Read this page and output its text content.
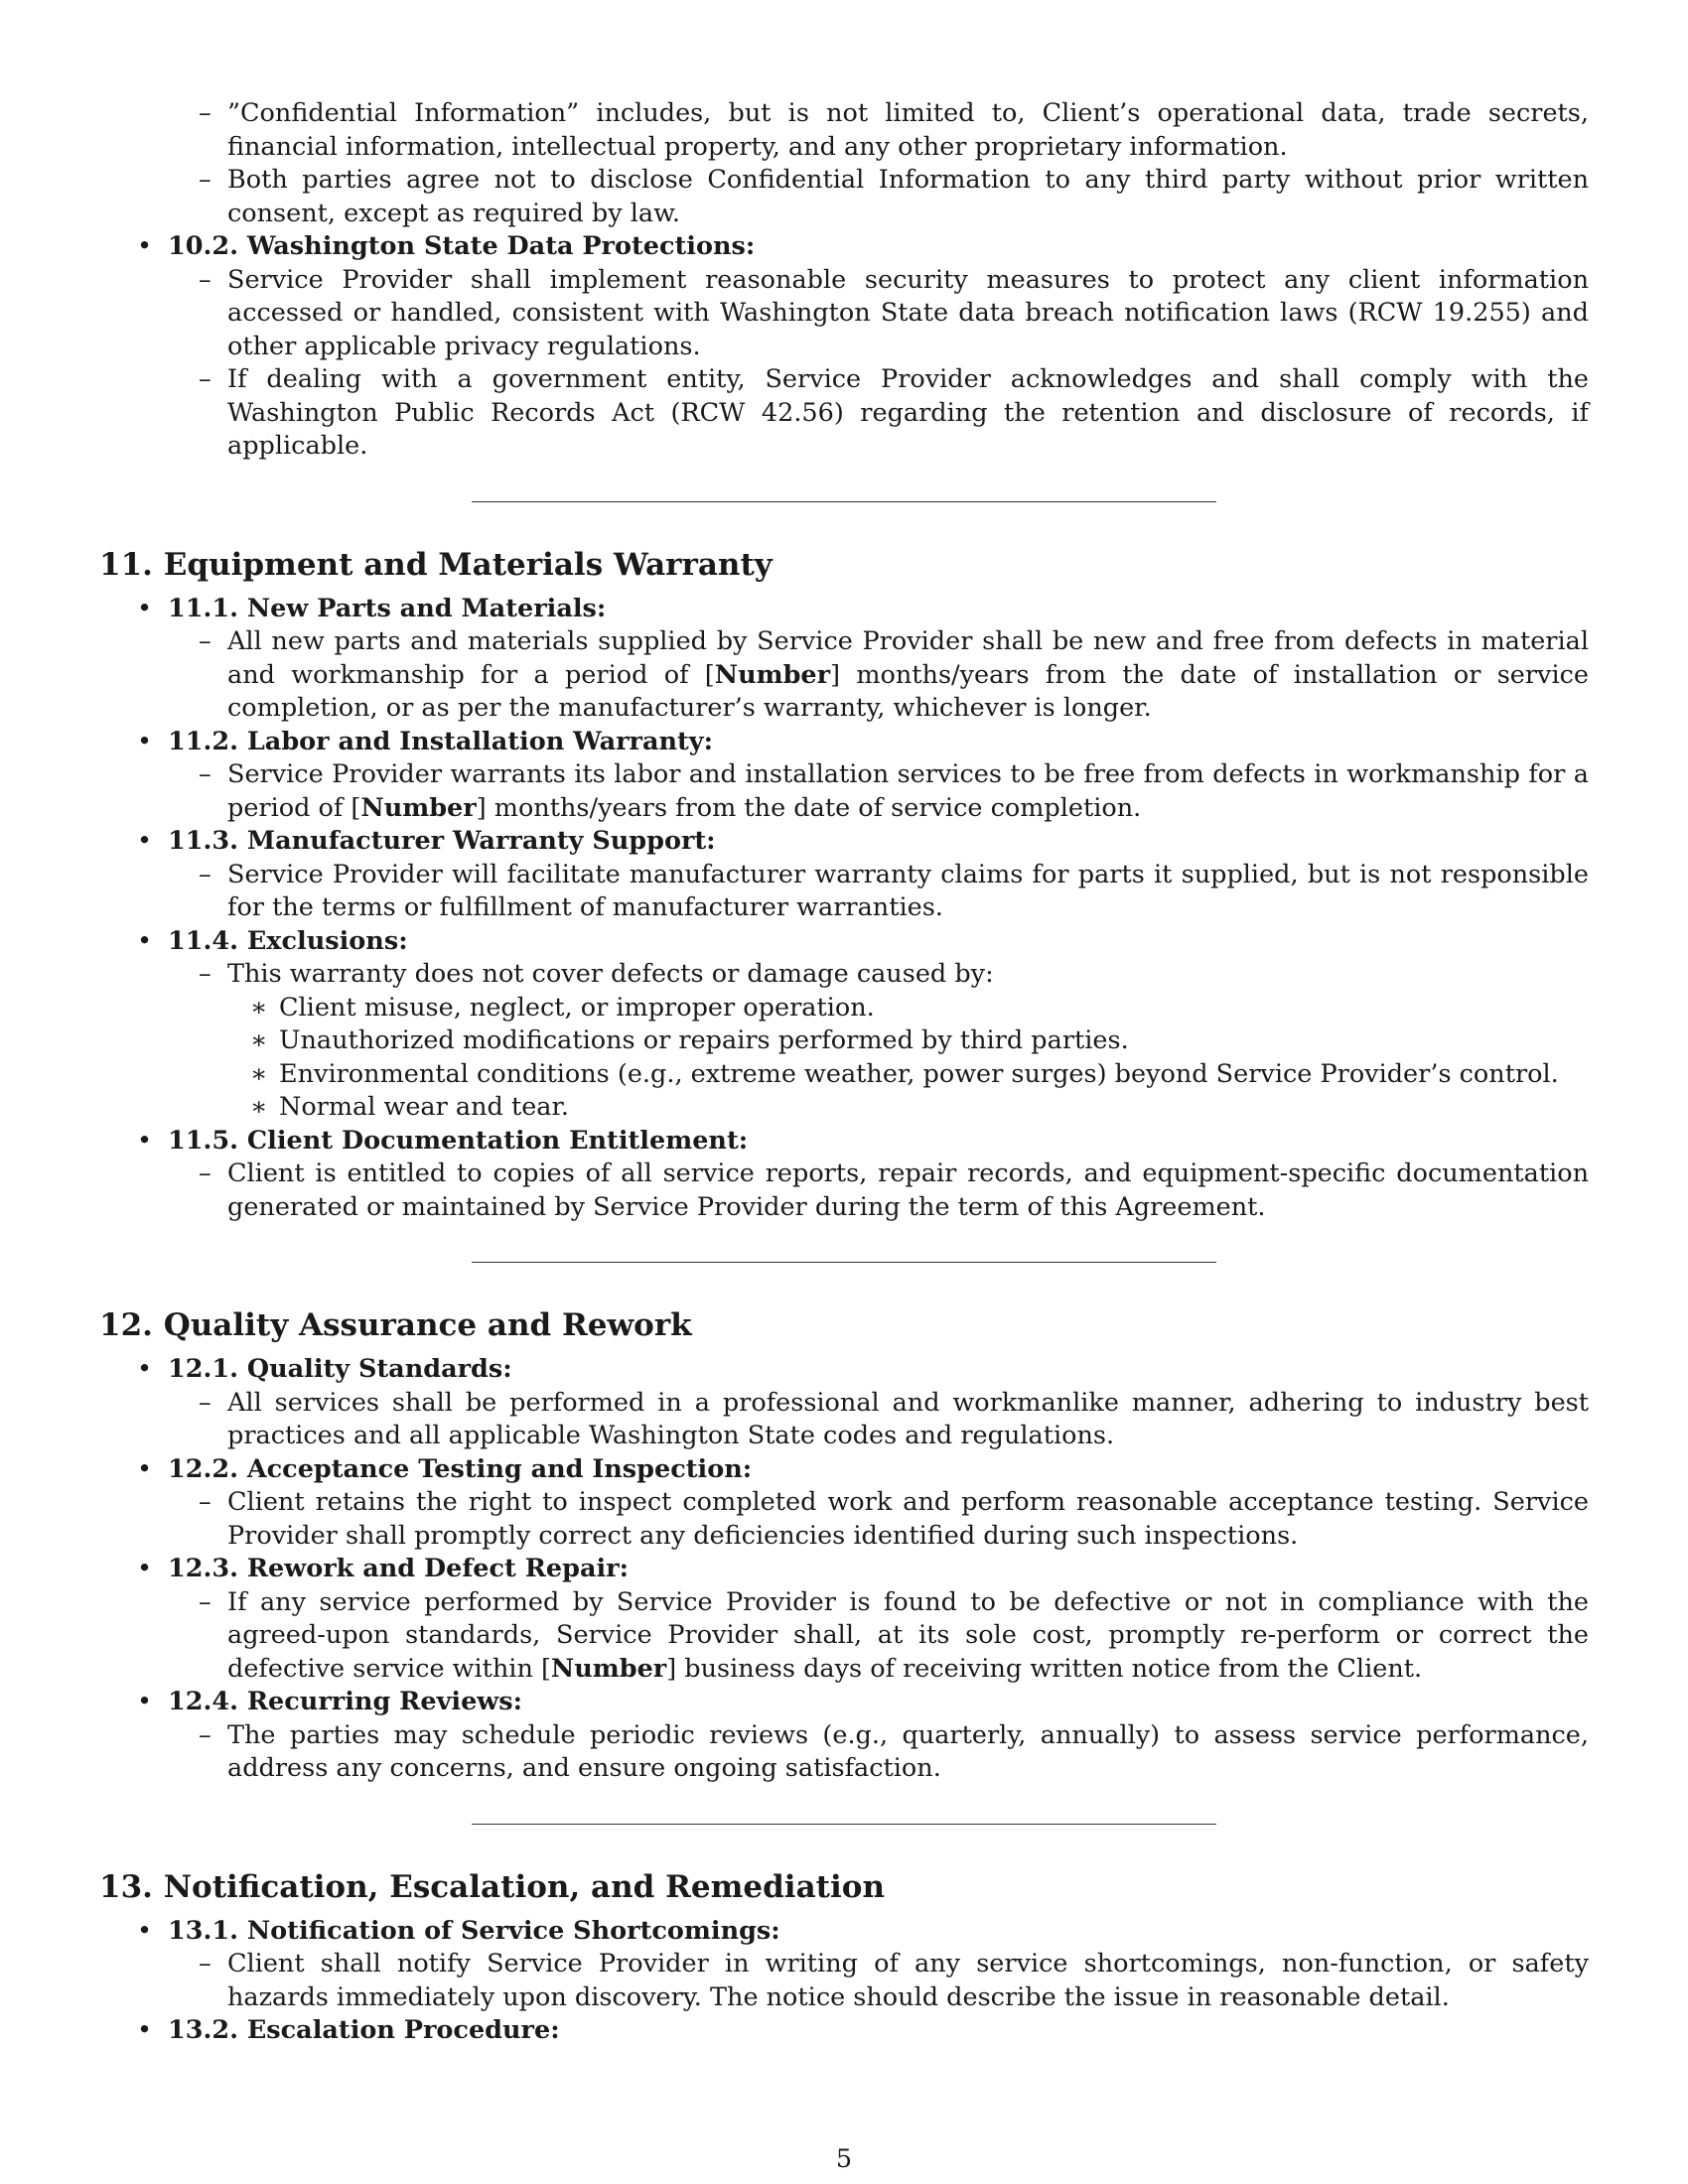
– ”Confidential Information” includes, but is not limited to, Client’s operational data, trade secrets, financial information, intellectual property, and any other proprietary information.
– Both parties agree not to disclose Confidential Information to any third party without prior written consent, except as required by law.
• 10.2. Washington State Data Protections:
– Service Provider shall implement reasonable security measures to protect any client information accessed or handled, consistent with Washington State data breach notification laws (RCW 19.255) and other applicable privacy regulations.
– If dealing with a government entity, Service Provider acknowledges and shall comply with the Washington Public Records Act (RCW 42.56) regarding the retention and disclosure of records, if applicable.
11. Equipment and Materials Warranty
• 11.1. New Parts and Materials:
– All new parts and materials supplied by Service Provider shall be new and free from defects in material and workmanship for a period of [Number] months/years from the date of installation or service completion, or as per the manufacturer’s warranty, whichever is longer.
• 11.2. Labor and Installation Warranty:
– Service Provider warrants its labor and installation services to be free from defects in workmanship for a period of [Number] months/years from the date of service completion.
• 11.3. Manufacturer Warranty Support:
– Service Provider will facilitate manufacturer warranty claims for parts it supplied, but is not responsible for the terms or fulfillment of manufacturer warranties.
• 11.4. Exclusions:
– This warranty does not cover defects or damage caused by:
∗ Client misuse, neglect, or improper operation.
∗ Unauthorized modifications or repairs performed by third parties.
∗ Environmental conditions (e.g., extreme weather, power surges) beyond Service Provider’s control.
∗ Normal wear and tear.
• 11.5. Client Documentation Entitlement:
– Client is entitled to copies of all service reports, repair records, and equipment-specific documentation generated or maintained by Service Provider during the term of this Agreement.
12. Quality Assurance and Rework
• 12.1. Quality Standards:
– All services shall be performed in a professional and workmanlike manner, adhering to industry best practices and all applicable Washington State codes and regulations.
• 12.2. Acceptance Testing and Inspection:
– Client retains the right to inspect completed work and perform reasonable acceptance testing. Service Provider shall promptly correct any deficiencies identified during such inspections.
• 12.3. Rework and Defect Repair:
– If any service performed by Service Provider is found to be defective or not in compliance with the agreed-upon standards, Service Provider shall, at its sole cost, promptly re-perform or correct the defective service within [Number] business days of receiving written notice from the Client.
• 12.4. Recurring Reviews:
– The parties may schedule periodic reviews (e.g., quarterly, annually) to assess service performance, address any concerns, and ensure ongoing satisfaction.
13. Notification, Escalation, and Remediation
• 13.1. Notification of Service Shortcomings:
– Client shall notify Service Provider in writing of any service shortcomings, non-function, or safety hazards immediately upon discovery. The notice should describe the issue in reasonable detail.
• 13.2. Escalation Procedure:
5
